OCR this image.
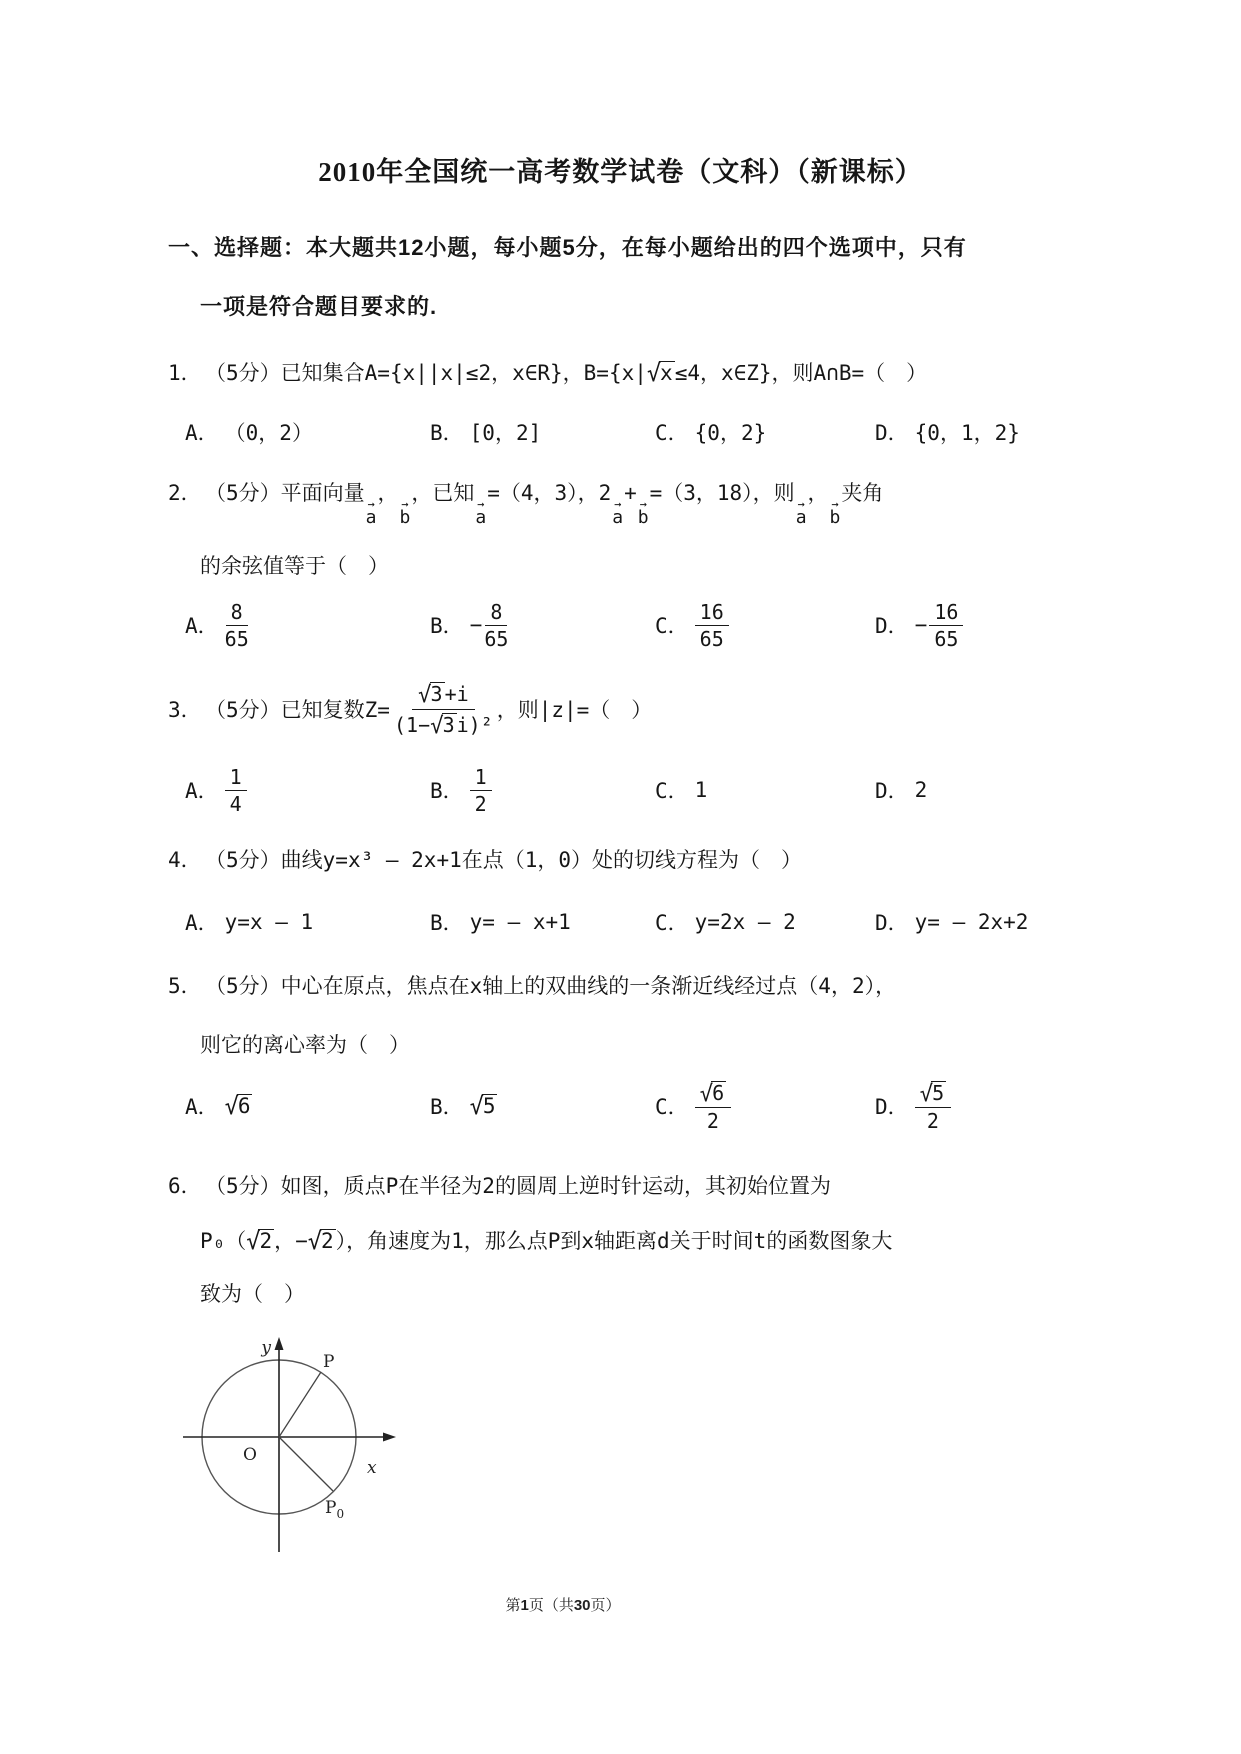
2010年全国统一高考数学试卷（文科）（新课标）
一、选择题：本大题共12小题，每小题5分，在每小题给出的四个选项中，只有
一项是符合题目要求的.
1． （5分）已知集合A={x||x|≤2，x∈R}，B={x| √ x ≤4，x∈Z}，则A∩B=（　）
A． （0，2）	B． [0，2]	C． {0，2}	D． {0，1，2}
2． （5分）平面向量 →
a
， →
b
，已知 →
a
=（4，3），2 →
a
+ →
b
=（3，18），则 →
a
， →
b
夹角
的余弦值等于（　）
A． $\frac{8}{65}$	B． − $\frac{8}{65}$	C． $\frac{16}{65}$	D． − $\frac{16}{65}$
3． （5分） 已知复数$Z= \frac{√ 3 +i}{\text{(1− √ 3 i)²}}$ ，则|z|=（　）
A． $\frac{1}{4}$	B． $\frac{1}{2}$	C． 1	D． 2
4． （5分）曲线y=x³ – 2x+1在点（1，0）处的切线方程为（　）
A． y=x – 1	B． y= – x+1	C． y=2x – 2	D． y= – 2x+2
5． （5分）中心在原点，焦点在x轴上的双曲线的一条渐近线经过点（4，2），
则它的离心率为（　）
A． √ 6	B． √ 5	C． $\frac{√ 6}{2}$	D． $\frac{√ 5}{2}$
6． （5分）如图，质点P在半径为2的圆周上逆时针运动，其初始位置为
P₀（ √ 2 ，− √ 2 ），角速度为1，那么点P到x轴距离d关于时间t的函数图象大
致为（　）
y
P
O
x
$P_0$
第1页（共30页）
